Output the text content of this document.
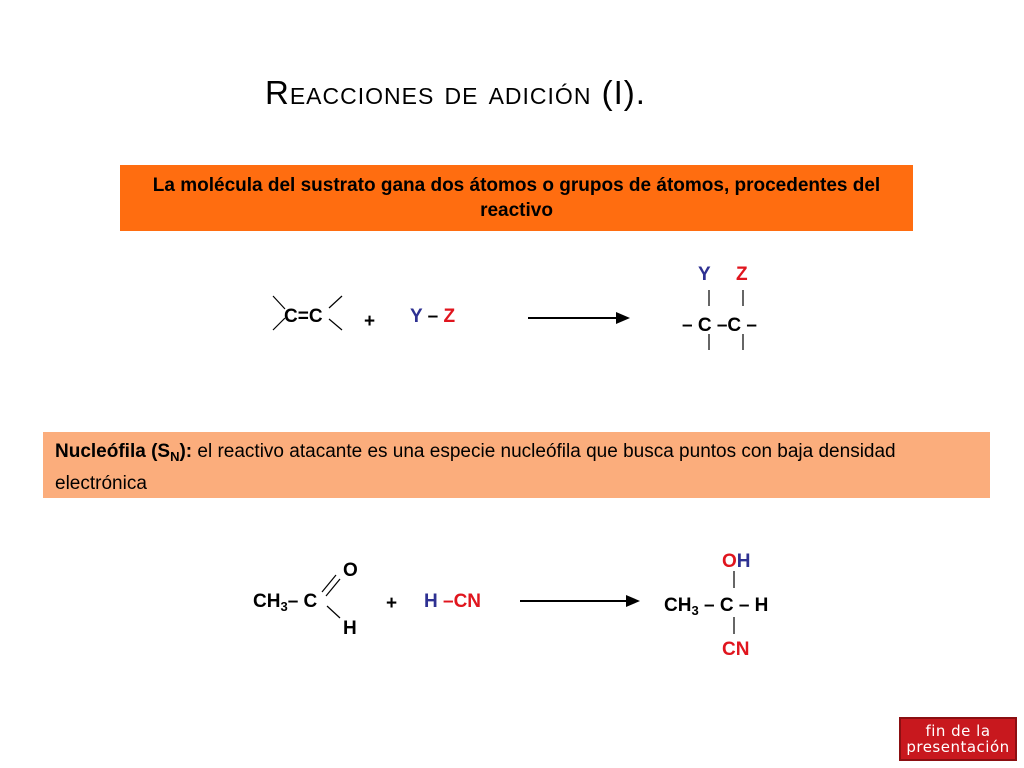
Reacciones de adición (I).
La molécula del sustrato gana dos átomos o grupos de átomos, procedentes del reactivo
C=C + Y – Z
Y Z
– C –C –
Nucleófila $(S_N)$: el reactivo atacante es una especie nucleófila que busca puntos con baja densidad electrónica
$CH_3-$ C
O
H
+ H –CN
OH
$CH_3$ – C – H
CN
fin de la
presentación
